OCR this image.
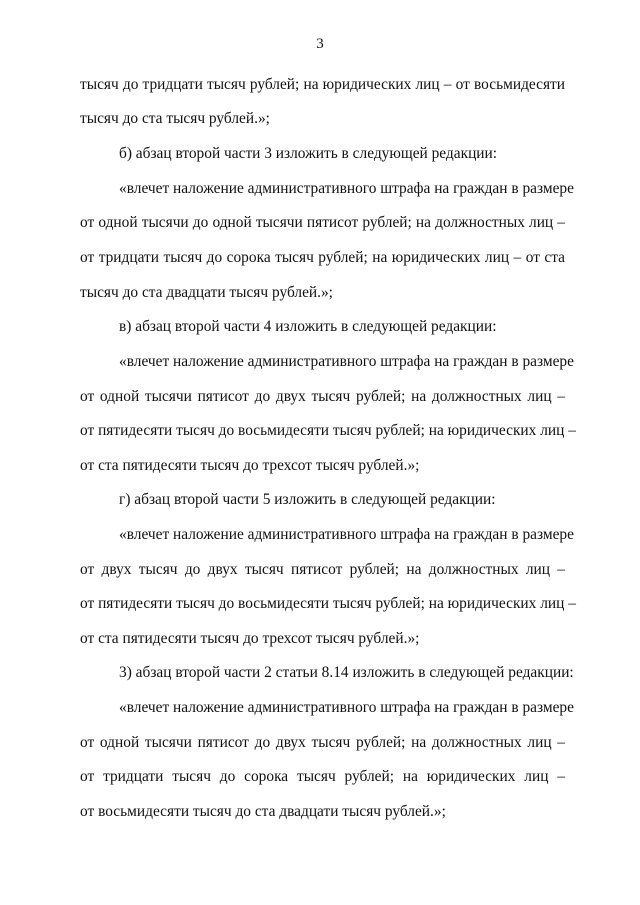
3
тысяч до тридцати тысяч рублей; на юридических лиц – от восьмидесяти
тысяч до ста тысяч рублей.»;
б) абзац второй части 3 изложить в следующей редакции:
«влечет наложение административного штрафа на граждан в размере
от одной тысячи до одной тысячи пятисот рублей; на должностных лиц –
от тридцати тысяч до сорока тысяч рублей; на юридических лиц – от ста
тысяч до ста двадцати тысяч рублей.»;
в) абзац второй части 4 изложить в следующей редакции:
«влечет наложение административного штрафа на граждан в размере
от одной тысячи пятисот до двух тысяч рублей; на должностных лиц –
от пятидесяти тысяч до восьмидесяти тысяч рублей; на юридических лиц –
от ста пятидесяти тысяч до трехсот тысяч рублей.»;
г) абзац второй части 5 изложить в следующей редакции:
«влечет наложение административного штрафа на граждан в размере
от двух тысяч до двух тысяч пятисот рублей; на должностных лиц –
от пятидесяти тысяч до восьмидесяти тысяч рублей; на юридических лиц –
от ста пятидесяти тысяч до трехсот тысяч рублей.»;
3) абзац второй части 2 статьи 8.14 изложить в следующей редакции:
«влечет наложение административного штрафа на граждан в размере
от одной тысячи пятисот до двух тысяч рублей; на должностных лиц –
от тридцати тысяч до сорока тысяч рублей; на юридических лиц –
от восьмидесяти тысяч до ста двадцати тысяч рублей.»;
